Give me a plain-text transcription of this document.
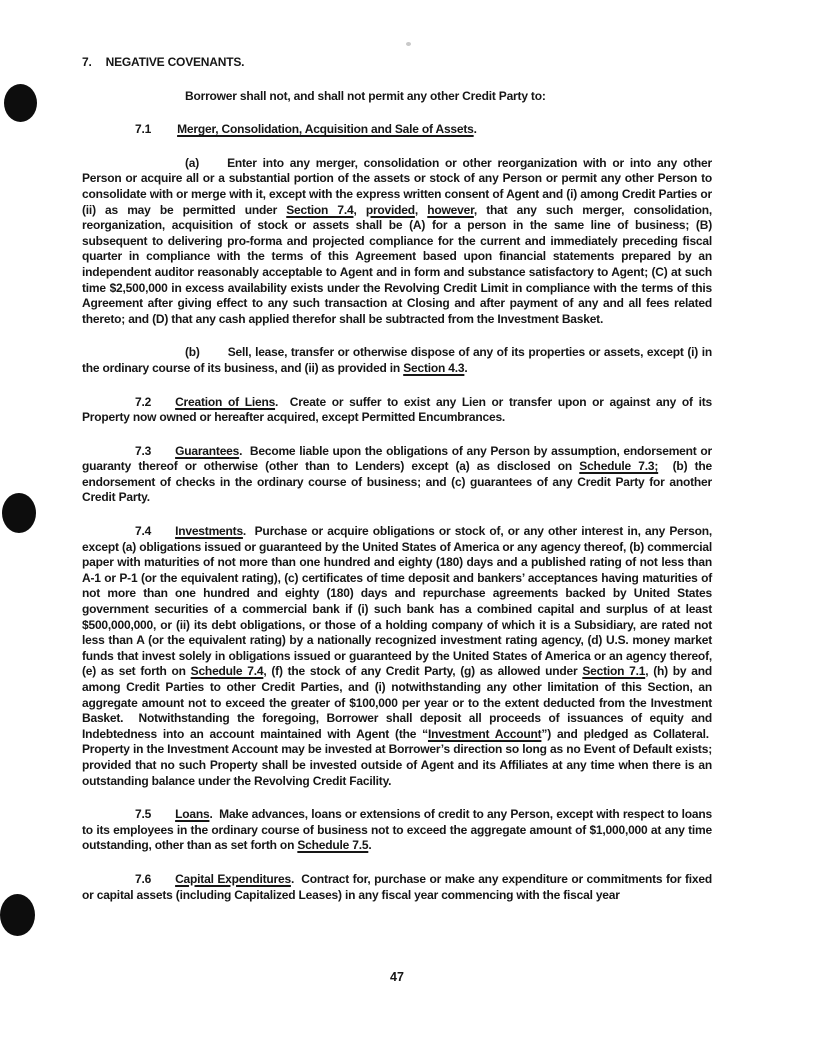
7. NEGATIVE COVENANTS.

Borrower shall not, and shall not permit any other Credit Party to:

7.1 Merger, Consolidation, Acquisition and Sale of Assets.

(a) Enter into any merger, consolidation or other reorganization with or into any other Person or acquire all or a substantial portion of the assets or stock of any Person or permit any other Person to consolidate with or merge with it, except with the express written consent of Agent and (i) among Credit Parties or (ii) as may be permitted under Section 7.4, provided, however, that any such merger, consolidation, reorganization, acquisition of stock or assets shall be (A) for a person in the same line of business; (B) subsequent to delivering pro-forma and projected compliance for the current and immediately preceding fiscal quarter in compliance with the terms of this Agreement based upon financial statements prepared by an independent auditor reasonably acceptable to Agent and in form and substance satisfactory to Agent; (C) at such time $2,500,000 in excess availability exists under the Revolving Credit Limit in compliance with the terms of this Agreement after giving effect to any such transaction at Closing and after payment of any and all fees related thereto; and (D) that any cash applied therefor shall be subtracted from the Investment Basket.

(b) Sell, lease, transfer or otherwise dispose of any of its properties or assets, except (i) in the ordinary course of its business, and (ii) as provided in Section 4.3.

7.2 Creation of Liens.  Create or suffer to exist any Lien or transfer upon or against any of its Property now owned or hereafter acquired, except Permitted Encumbrances.

7.3 Guarantees.  Become liable upon the obligations of any Person by assumption, endorsement or guaranty thereof or otherwise (other than to Lenders) except (a) as disclosed on Schedule 7.3;  (b) the endorsement of checks in the ordinary course of business; and (c) guarantees of any Credit Party for another Credit Party.

7.4 Investments.  Purchase or acquire obligations or stock of, or any other interest in, any Person, except (a) obligations issued or guaranteed by the United States of America or any agency thereof, (b) commercial paper with maturities of not more than one hundred and eighty (180) days and a published rating of not less than A-1 or P-1 (or the equivalent rating), (c) certificates of time deposit and bankers’ acceptances having maturities of not more than one hundred and eighty (180) days and repurchase agreements backed by United States government securities of a commercial bank if (i) such bank has a combined capital and surplus of at least $500,000,000, or (ii) its debt obligations, or those of a holding company of which it is a Subsidiary, are rated not less than A (or the equivalent rating) by a nationally recognized investment rating agency, (d) U.S. money market funds that invest solely in obligations issued or guaranteed by the United States of America or an agency thereof, (e) as set forth on Schedule 7.4, (f) the stock of any Credit Party, (g) as allowed under Section 7.1, (h) by and among Credit Parties to other Credit Parties, and (i) notwithstanding any other limitation of this Section, an aggregate amount not to exceed the greater of $100,000 per year or to the extent deducted from the Investment Basket.  Notwithstanding the foregoing, Borrower shall deposit all proceeds of issuances of equity and Indebtedness into an account maintained with Agent (the “Investment Account”) and pledged as Collateral.  Property in the Investment Account may be invested at Borrower’s direction so long as no Event of Default exists; provided that no such Property shall be invested outside of Agent and its Affiliates at any time when there is an outstanding balance under the Revolving Credit Facility.

7.5 Loans.  Make advances, loans or extensions of credit to any Person, except with respect to loans to its employees in the ordinary course of business not to exceed the aggregate amount of $1,000,000 at any time outstanding, other than as set forth on Schedule 7.5.

7.6 Capital Expenditures.  Contract for, purchase or make any expenditure or commitments for fixed or capital assets (including Capitalized Leases) in any fiscal year commencing with the fiscal year

47
